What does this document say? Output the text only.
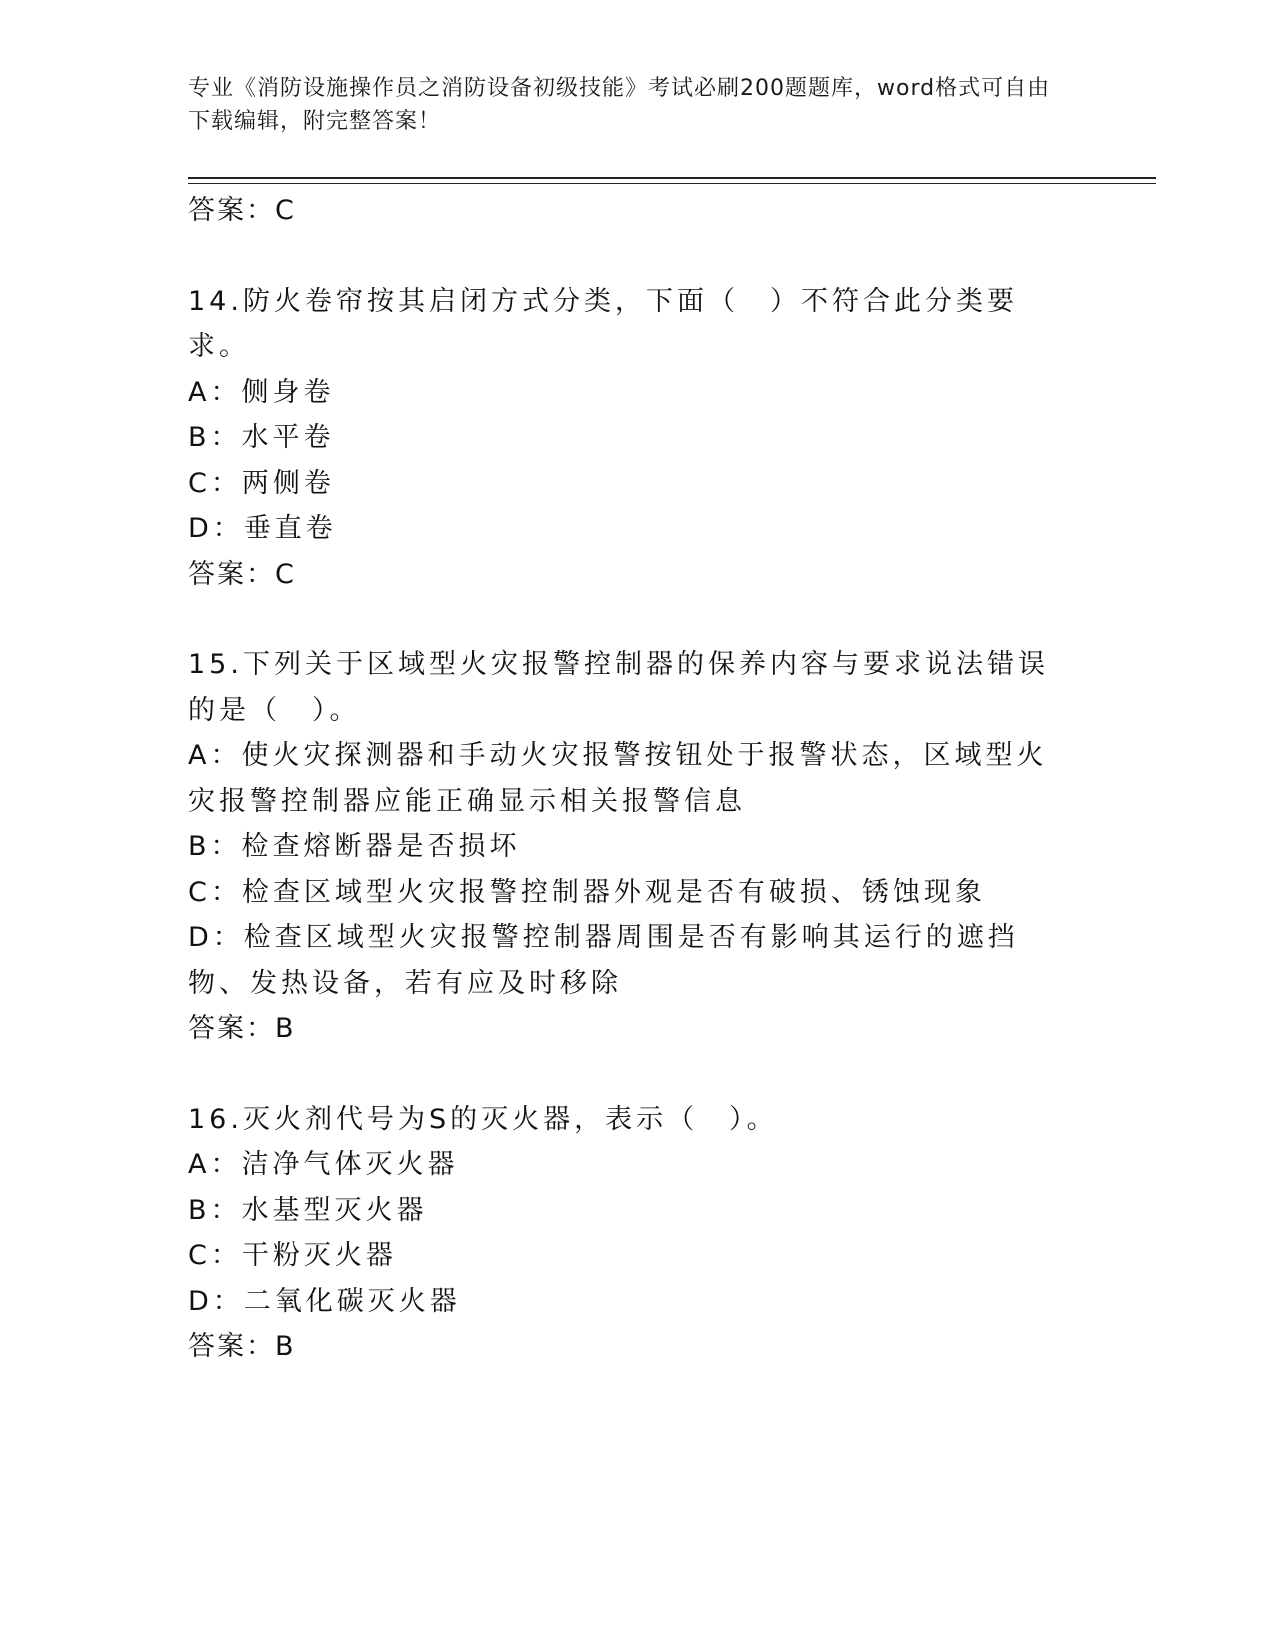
专业《消防设施操作员之消防设备初级技能》考试必刷200题题库，word格式可自由下载编辑，附完整答案！

答案：C

14.防火卷帘按其启闭方式分类，下面（　）不符合此分类要求。

A：侧身卷

B：水平卷

C：两侧卷

D：垂直卷

答案：C

15.下列关于区域型火灾报警控制器的保养内容与要求说法错误的是（　）。

A：使火灾探测器和手动火灾报警按钮处于报警状态，区域型火灾报警控制器应能正确显示相关报警信息

B：检查熔断器是否损坏

C：检查区域型火灾报警控制器外观是否有破损、锈蚀现象

D：检查区域型火灾报警控制器周围是否有影响其运行的遮挡物、发热设备，若有应及时移除

答案：B

16.灭火剂代号为S的灭火器，表示（　）。

A：洁净气体灭火器

B：水基型灭火器

C：干粉灭火器

D：二氧化碳灭火器

答案：B
